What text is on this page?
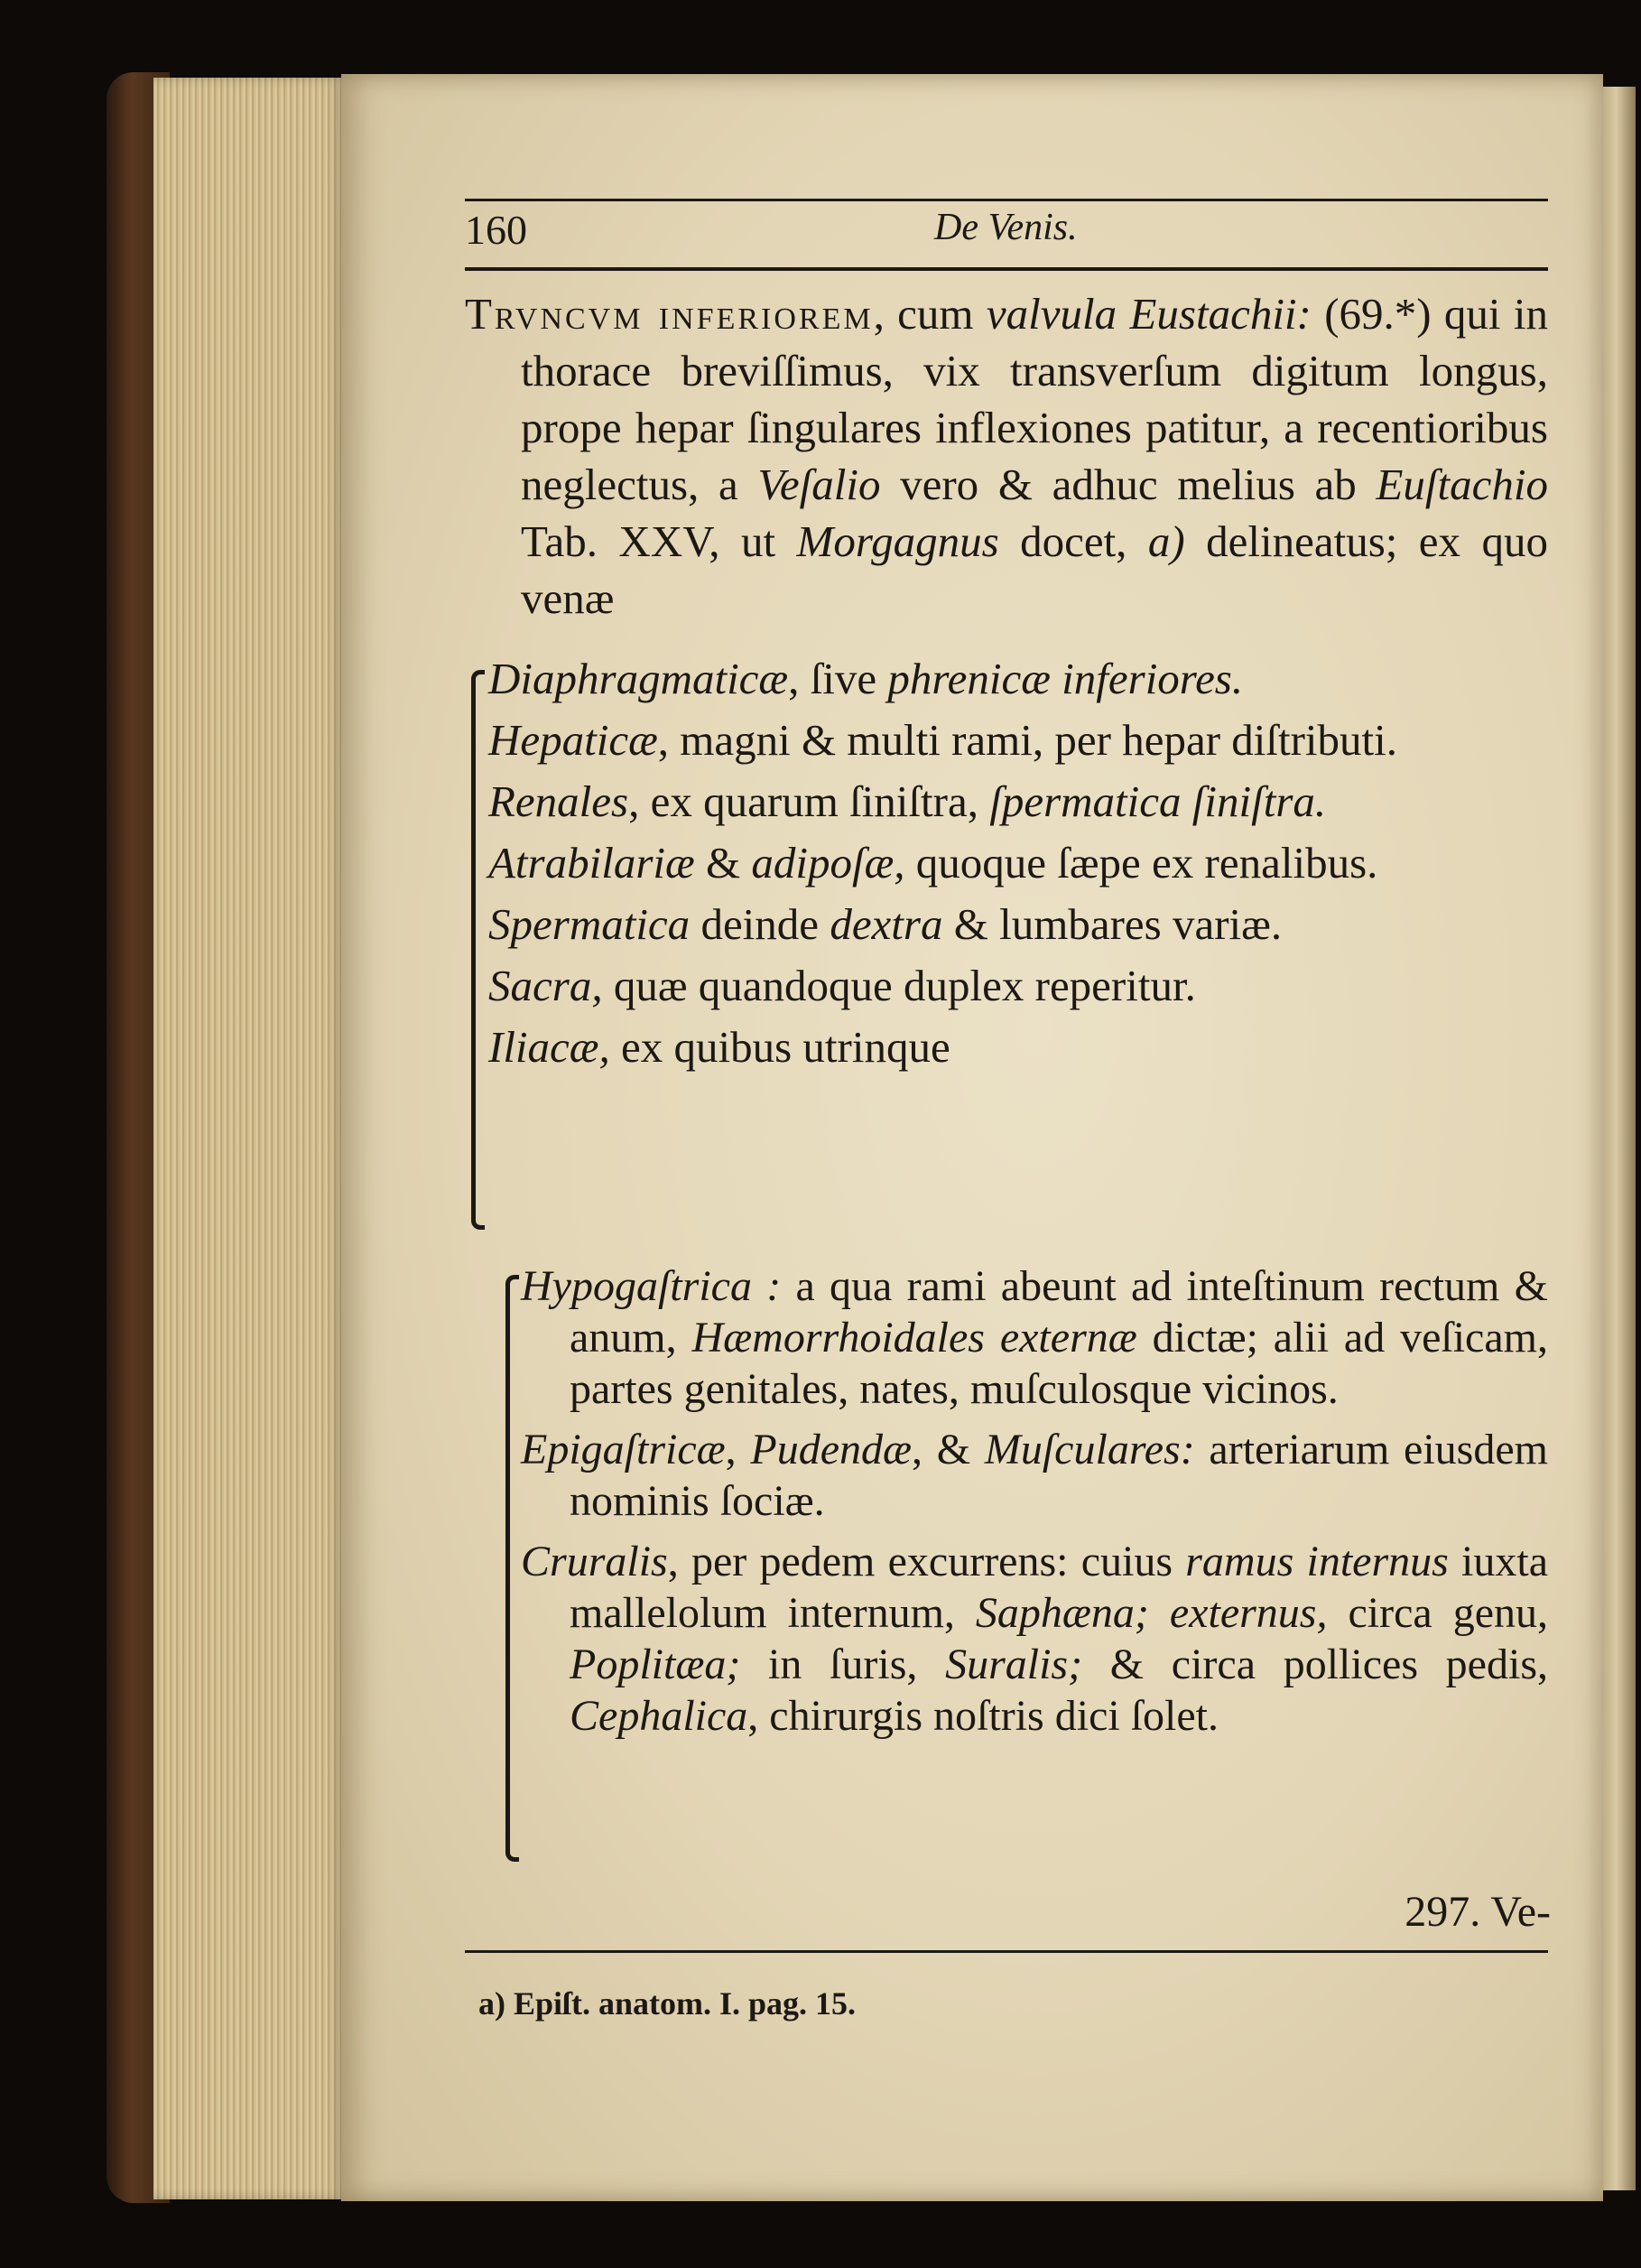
160	De Venis.
Trvncvm inferiorem, cum valvula Eustachii: (69.*) qui in thorace breviſſimus, vix transverſum digitum longus, prope hepar ſingulares inflexiones patitur, a recentioribus neglectus, a Veſalio vero & adhuc melius ab Euſtachio Tab. XXV, ut Morgagnus docet, a) delineatus; ex quo venæ
Diaphragmaticæ, ſive phrenicæ inferiores.
Hepaticæ, magni & multi rami, per hepar diſtributi.
Renales, ex quarum ſiniſtra, ſpermatica ſiniſtra.
Atrabilariæ & adipoſæ, quoque ſæpe ex renalibus.
Spermatica deinde dextra & lumbares variæ.
Sacra, quæ quandoque duplex reperitur.
Iliacæ, ex quibus utrinque
Hypogaſtrica : a qua rami abeunt ad inteſtinum rectum & anum, Hæmorrhoidales externæ dictæ; alii ad veſicam, partes genitales, nates, muſculosque vicinos.
Epigaſtricæ, Pudendæ, & Muſculares: arteriarum eiusdem nominis ſociæ.
Cruralis, per pedem excurrens: cuius ramus internus iuxta mallelolum internum, Saphæna; externus, circa genu, Poplitæa; in ſuris, Suralis; & circa pollices pedis, Cephalica, chirurgis noſtris dici ſolet.
297. Ve-
a) Epiſt. anatom. I. pag. 15.
